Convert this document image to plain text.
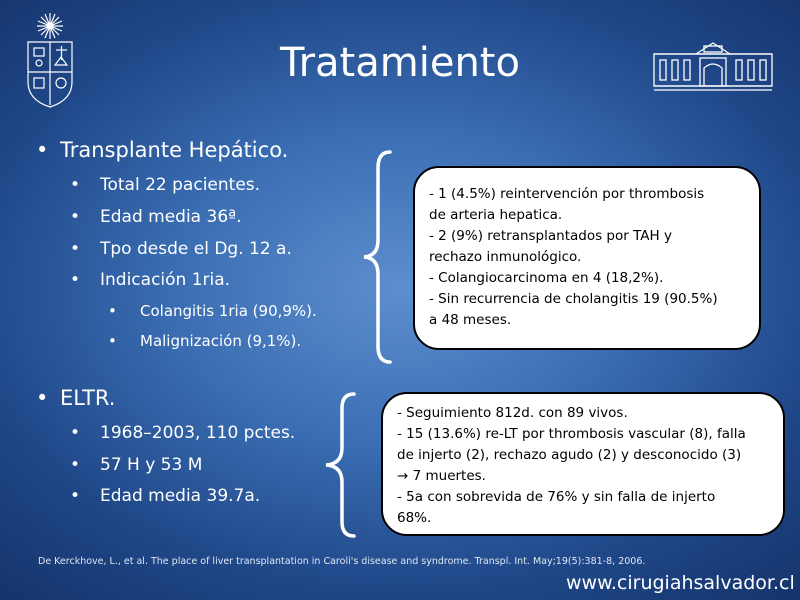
Tratamiento
• Transplante Hepático.
• Total 22 pacientes.
• Edad media 36ª.
• Tpo desde el Dg. 12 a.
• Indicación 1ria.
• Colangitis 1ria (90,9%).
• Malignización (9,1%).
- 1 (4.5%) reintervención por thrombosis
de arteria hepatica.
- 2 (9%) retransplantados por TAH y
rechazo inmunológico.
- Colangiocarcinoma en 4 (18,2%).
- Sin recurrencia de cholangitis 19 (90.5%)
a 48 meses.
• ELTR.
• 1968–2003, 110 pctes.
• 57 H y 53 M
• Edad media 39.7a.
- Seguimiento 812d. con 89 vivos.
- 15 (13.6%) re-LT por thrombosis vascular (8), falla
de injerto (2), rechazo agudo (2) y desconocido (3)
→ 7 muertes.
- 5a con sobrevida de 76% y sin falla de injerto
68%.
De Kerckhove, L., et al. The place of liver transplantation in Caroli's disease and syndrome. Transpl. Int. May;19(5):381-8, 2006.
www.cirugiahsalvador.cl
